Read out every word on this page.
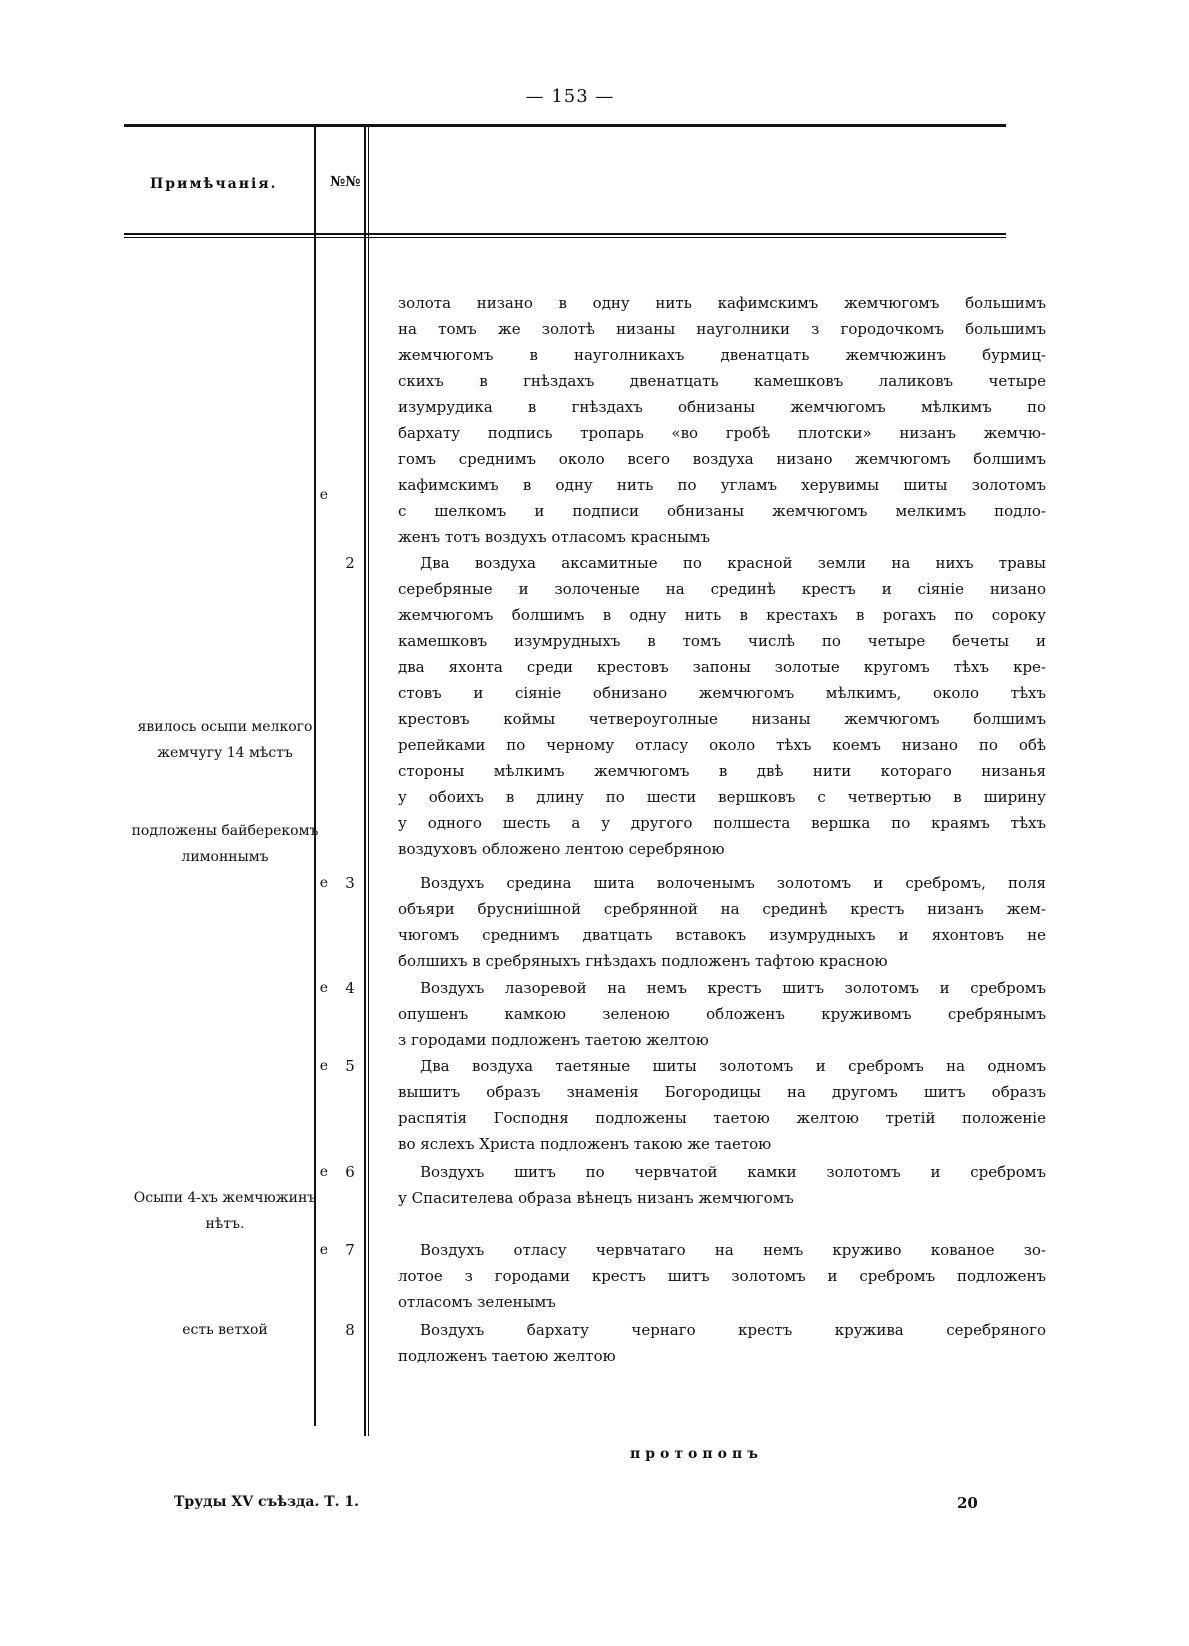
— 153 —
Примѣчанія.	№№
е
явилось осыпи мелкого жемчугу 14 мѣстъ
подложены байберекомъ лимоннымъ
е
е
е
е
Осыпи 4-хъ жемчюжинъ нѣтъ.
е
есть ветхой
2
3
4
5
6
7
8
золота низано в одну нить кафимскимъ жемчюгомъ большимъ
на томъ же золотѣ низаны науголники з городочкомъ большимъ
жемчюгомъ в науголникахъ двенатцать жемчюжинъ бурмиц-
скихъ в гнѣздахъ двенатцать камешковъ лаликовъ четыре
изумрудика в гнѣздахъ обнизаны жемчюгомъ мѣлкимъ по
бархату подпись тропарь «во гробѣ плотски» низанъ жемчю-
гомъ среднимъ около всего воздуха низано жемчюгомъ болшимъ
кафимскимъ в одну нить по угламъ херувимы шиты золотомъ
с шелкомъ и подписи обнизаны жемчюгомъ мелкимъ подло-
женъ тотъ воздухъ отласомъ краснымъ
Два воздуха аксамитные по красной земли на нихъ травы
серебряные и золоченые на срединѣ крестъ и сіяніе низано
жемчюгомъ болшимъ в одну нить в крестахъ в рогахъ по сороку
камешковъ изумрудныхъ в томъ числѣ по четыре бечеты и
два яхонта среди крестовъ запоны золотые кругомъ тѣхъ кре-
стовъ и сіяніе обнизано жемчюгомъ мѣлкимъ, около тѣхъ
крестовъ коймы четвероуголные низаны жемчюгомъ болшимъ
репейками по черному отласу около тѣхъ коемъ низано по обѣ
стороны мѣлкимъ жемчюгомъ в двѣ нити котораго низанья
у обоихъ в длину по шести вершковъ с четвертью в ширину
у одного шесть а у другого полшеста вершка по краямъ тѣхъ
воздуховъ обложено лентою серебряною
Воздухъ средина шита волоченымъ золотомъ и сребромъ, поля
объяри брусниішной сребрянной на срединѣ крестъ низанъ жем-
чюгомъ среднимъ дватцать вставокъ изумрудныхъ и яхонтовъ не
болшихъ в сребряныхъ гнѣздахъ подложенъ тафтою красною
Воздухъ лазоревой на немъ крестъ шитъ золотомъ и сребромъ
опушенъ камкою зеленою обложенъ круживомъ сребрянымъ
з городами подложенъ таетою желтою
Два воздуха таетяные шиты золотомъ и сребромъ на одномъ
вышитъ образъ знаменія Богородицы на другомъ шитъ образъ
распятія Господня подложены таетою желтою третій положеніе
во яслехъ Христа подложенъ такою же таетою
Воздухъ шитъ по червчатой камки золотомъ и сребромъ
у Спасителева образа вѣнецъ низанъ жемчюгомъ
Воздухъ отласу червчатаго на немъ круживо кованое зо-
лотое з городами крестъ шитъ золотомъ и сребромъ подложенъ
отласомъ зеленымъ
Воздухъ бархату чернаго крестъ кружива серебряного
подложенъ таетою желтою
протопопъ
Труды XV съѣзда. Т. 1.	20
